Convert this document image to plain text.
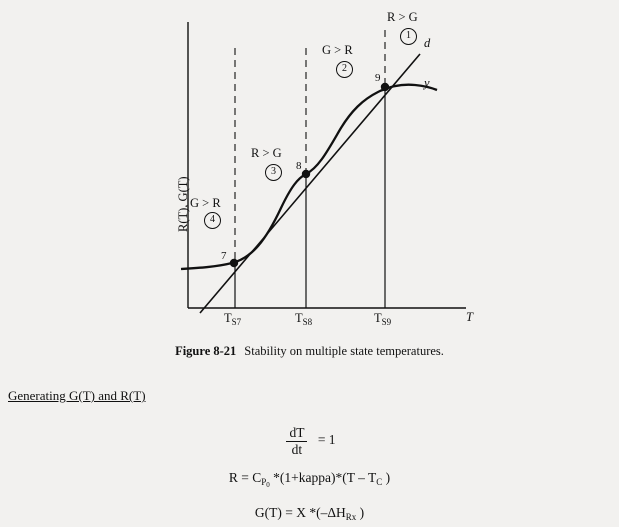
R(T), G(T)
T
$T_{S7}$	$T_{S8}$	$T_{S9}$
d
y
7
8
9
R > G
1
G > R
2
R > G
3
G > R
4
Figure 8-21 Stability on multiple state temperatures.
Generating G(T) and R(T)
$\frac{dT}{dt} = 1$
$R = C_{P0}$ *(1+kappa)*(T – $T_C$ )
G(T) = X $*(-\Delta H_{Rx}$ )
